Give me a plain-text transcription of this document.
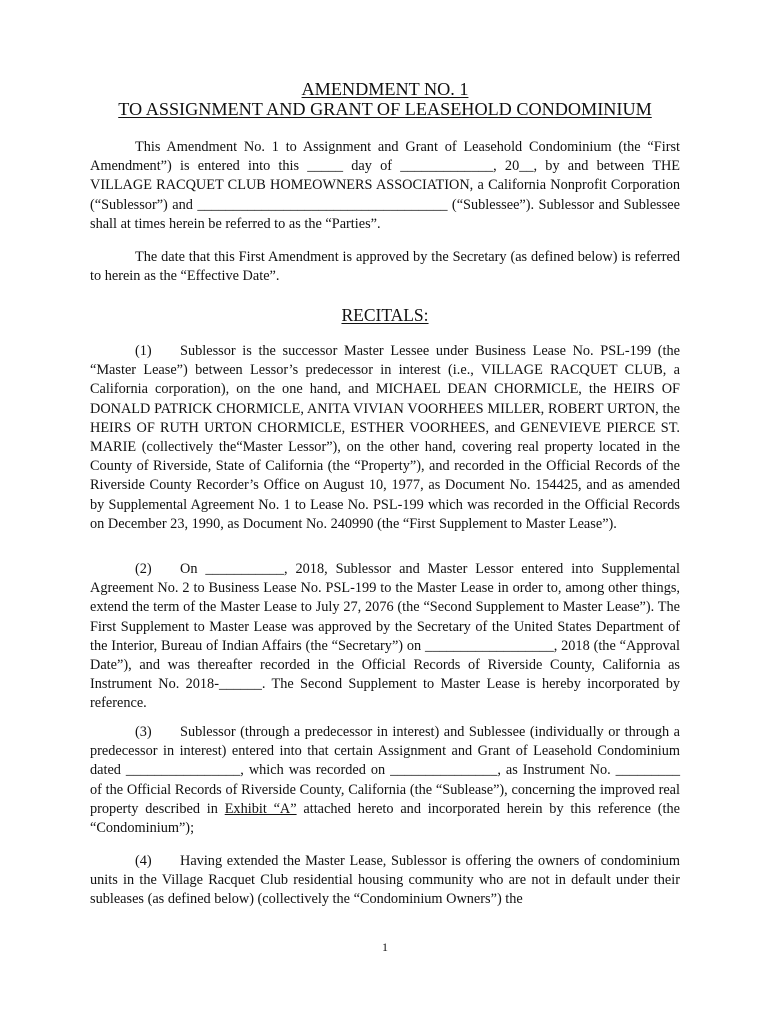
AMENDMENT NO. 1
TO ASSIGNMENT AND GRANT OF LEASEHOLD CONDOMINIUM

This Amendment No. 1 to Assignment and Grant of Leasehold Condominium (the “First Amendment”) is entered into this _____ day of _____________, 20__, by and between THE VILLAGE RACQUET CLUB HOMEOWNERS ASSOCIATION, a California Nonprofit Corporation (“Sublessor”) and ___________________________________ (“Sublessee”). Sublessor and Sublessee shall at times herein be referred to as the “Parties”.

The date that this First Amendment is approved by the Secretary (as defined below) is referred to herein as the “Effective Date”.

RECITALS:

(1) Sublessor is the successor Master Lessee under Business Lease No. PSL-199 (the “Master Lease”) between Lessor’s predecessor in interest (i.e., VILLAGE RACQUET CLUB, a California corporation), on the one hand, and MICHAEL DEAN CHORMICLE, the HEIRS OF DONALD PATRICK CHORMICLE, ANITA VIVIAN VOORHEES MILLER, ROBERT URTON, the HEIRS OF RUTH URTON CHORMICLE, ESTHER VOORHEES, and GENEVIEVE PIERCE ST. MARIE (collectively the“Master Lessor”), on the other hand, covering real property located in the County of Riverside, State of California (the “Property”), and recorded in the Official Records of the Riverside County Recorder’s Office on August 10, 1977, as Document No. 154425, and as amended by Supplemental Agreement No. 1 to Lease No. PSL-199 which was recorded in the Official Records on December 23, 1990, as Document No. 240990 (the “First Supplement to Master Lease”).

(2) On ___________, 2018, Sublessor and Master Lessor entered into Supplemental Agreement No. 2 to Business Lease No. PSL-199 to the Master Lease in order to, among other things, extend the term of the Master Lease to July 27, 2076 (the “Second Supplement to Master Lease”). The First Supplement to Master Lease was approved by the Secretary of the United States Department of the Interior, Bureau of Indian Affairs (the “Secretary”) on __________________, 2018 (the “Approval Date”), and was thereafter recorded in the Official Records of Riverside County, California as Instrument No. 2018-______. The Second Supplement to Master Lease is hereby incorporated by reference.

(3) Sublessor (through a predecessor in interest) and Sublessee (individually or through a predecessor in interest) entered into that certain Assignment and Grant of Leasehold Condominium dated ________________, which was recorded on _______________, as Instrument No. _________ of the Official Records of Riverside County, California (the “Sublease”), concerning the improved real property described in Exhibit “A” attached hereto and incorporated herein by this reference (the “Condominium”);

(4) Having extended the Master Lease, Sublessor is offering the owners of condominium units in the Village Racquet Club residential housing community who are not in default under their subleases (as defined below) (collectively the “Condominium Owners”) the

1
